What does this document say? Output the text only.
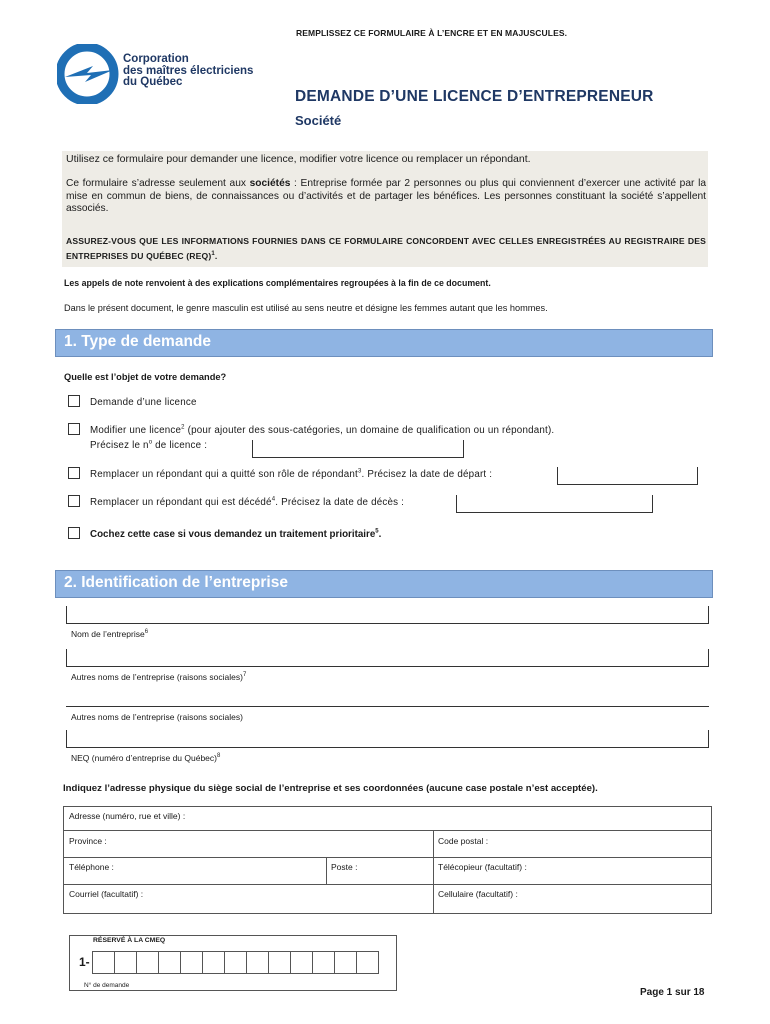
REMPLISSEZ CE FORMULAIRE À L’ENCRE ET EN MAJUSCULES.
Corporation
des maîtres électriciens
du Québec
DEMANDE D’UNE LICENCE D’ENTREPRENEUR
Société
Utilisez ce formulaire pour demander une licence, modifier votre licence ou remplacer un répondant.
Ce formulaire s’adresse seulement aux sociétés : Entreprise formée par 2 personnes ou plus qui conviennent d’exercer une activité par la mise en commun de biens, de connaissances ou d’activités et de partager les bénéfices. Les personnes constituant la société s’appellent associés.
ASSUREZ-VOUS QUE LES INFORMATIONS FOURNIES DANS CE FORMULAIRE CONCORDENT AVEC CELLES ENREGISTRÉES AU REGISTRAIRE DES ENTREPRISES DU QUÉBEC (REQ)$^1$.
Les appels de note renvoient à des explications complémentaires regroupées à la fin de ce document.
Dans le présent document, le genre masculin est utilisé au sens neutre et désigne les femmes autant que les hommes.
1. Type de demande
Quelle est l’objet de votre demande?
Demande d’une licence
Modifier une licence$^2$ (pour ajouter des sous-catégories, un domaine de qualification ou un répondant).
Précisez le $n^o$ de licence :
Remplacer un répondant qui a quitté son rôle de répondant$^3$. Précisez la date de départ :
Remplacer un répondant qui est décédé$^4$. Précisez la date de décès :
Cochez cette case si vous demandez un traitement prioritaire$^5$.
2. Identification de l’entreprise
Nom de l’entreprise$^6$
Autres noms de l’entreprise (raisons sociales)$^7$
Autres noms de l’entreprise (raisons sociales)
NEQ (numéro d’entreprise du Québec)$^8$
Indiquez l’adresse physique du siège social de l’entreprise et ses coordonnées (aucune case postale n’est acceptée).
Adresse (numéro, rue et ville) :
Province :	Code postal :
Téléphone :	Poste :	Télécopieur (facultatif) :
Courriel (facultatif) :	Cellulaire (facultatif) :
RÉSERVÉ À LA CMEQ
1-
N° de demande
Page 1 sur 18
